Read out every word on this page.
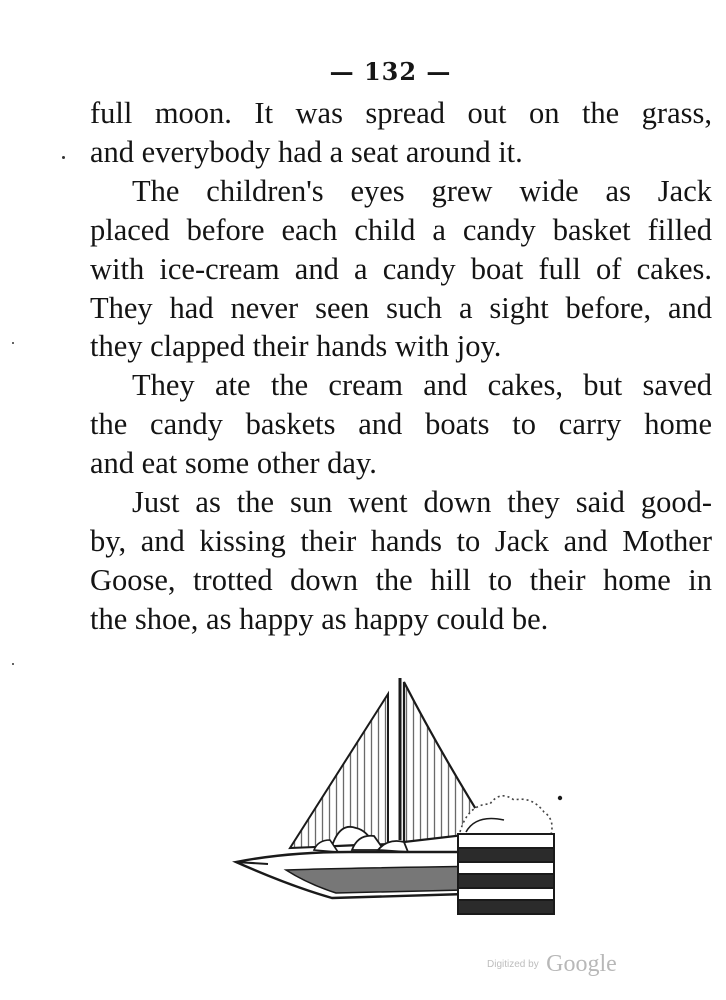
— 132 —

full moon. It was spread out on the grass,
and everybody had a seat around it.

The children's eyes grew wide as Jack
placed before each child a candy basket filled
with ice-cream and a candy boat full of cakes.
They had never seen such a sight before, and
they clapped their hands with joy.

They ate the cream and cakes, but saved
the candy baskets and boats to carry home
and eat some other day.

Just as the sun went down they said good-
by, and kissing their hands to Jack and Mother
Goose, trotted down the hill to their home in
the shoe, as happy as happy could be.

Digitized by Google
